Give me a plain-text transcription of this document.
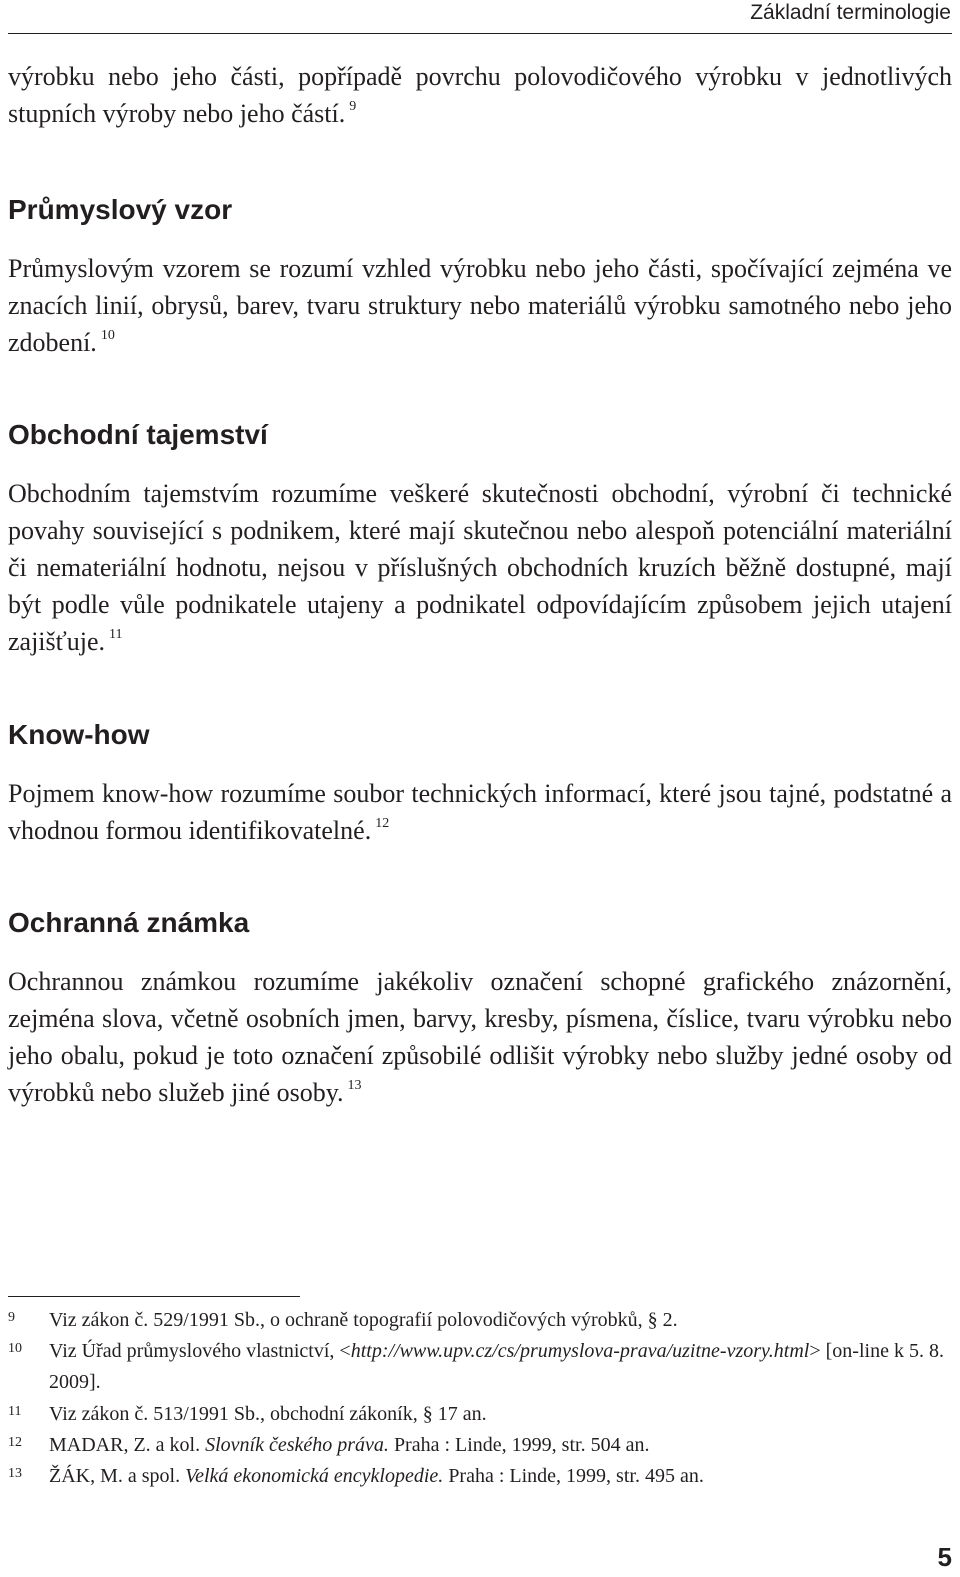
Základní terminologie

výrobku nebo jeho části, popřípadě povrchu polovodičového výrobku v jednotlivých stupních výroby nebo jeho částí. $^9$

Průmyslový vzor

Průmyslovým vzorem se rozumí vzhled výrobku nebo jeho části, spočívající zejména ve znacích linií, obrysů, barev, tvaru struktury nebo materiálů výrobku samotného nebo jeho zdobení. $^{10}$

Obchodní tajemství

Obchodním tajemstvím rozumíme veškeré skutečnosti obchodní, výrobní či technické povahy související s podnikem, které mají skutečnou nebo alespoň potenciální materiální či nemateriální hodnotu, nejsou v příslušných obchodních kruzích běžně dostupné, mají být podle vůle podnikatele utajeny a podnikatel odpovídajícím způsobem jejich utajení zajišťuje. $^{11}$

Know-how

Pojmem know-how rozumíme soubor technických informací, které jsou tajné, podstatné a vhodnou formou identifikovatelné. $^{12}$

Ochranná známka

Ochrannou známkou rozumíme jakékoliv označení schopné grafického znázornění, zejména slova, včetně osobních jmen, barvy, kresby, písmena, číslice, tvaru výrobku nebo jeho obalu, pokud je toto označení způsobilé odlišit výrobky nebo služby jedné osoby od výrobků nebo služeb jiné osoby. $^{13}$

9 Viz zákon č. 529/1991 Sb., o ochraně topografií polovodičových výrobků, § 2.
10 Viz Úřad průmyslového vlastnictví, <http://www.upv.cz/cs/prumyslova-prava/uzitne-vzory.html> [on-line k 5. 8. 2009].
11 Viz zákon č. 513/1991 Sb., obchodní zákoník, § 17 an.
12 MADAR, Z. a kol. Slovník českého práva. Praha : Linde, 1999, str. 504 an.
13 ŽÁK, M. a spol. Velká ekonomická encyklopedie. Praha : Linde, 1999, str. 495 an.
5
